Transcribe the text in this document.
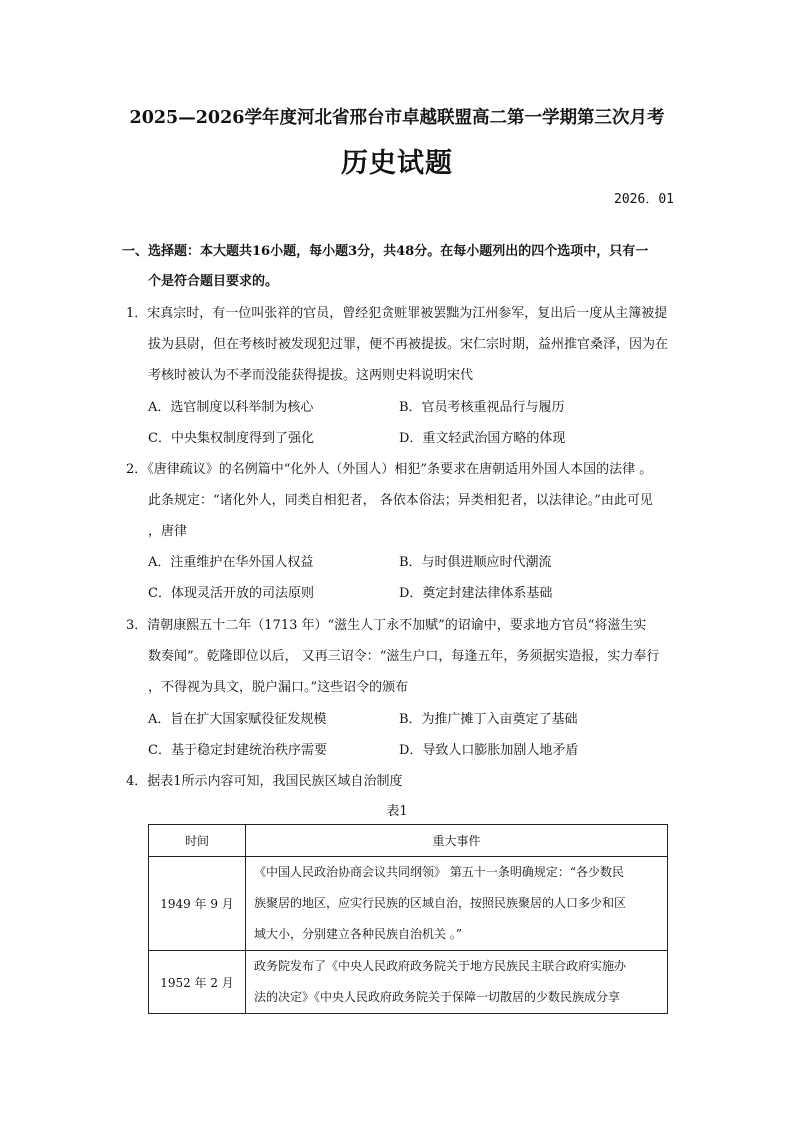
2025—2026学年度河北省邢台市卓越联盟高二第一学期第三次月考
历史试题
2026．01
一、选择题：本大题共16小题，每小题3分，共48分。在每小题列出的四个选项中，只有一
个是符合题目要求的。
1．宋真宗时，有一位叫张祥的官员，曾经犯贪赃罪被罢黜为江州参军，复出后一度从主簿被提
拔为县尉，但在考核时被发现犯过罪，便不再被提拔。宋仁宗时期，益州推官桑泽，因为在
考核时被认为不孝而没能获得提拔。这两则史料说明宋代
A．选官制度以科举制为核心	B．官员考核重视品行与履历
C．中央集权制度得到了强化	D．重文轻武治国方略的体现
2．《唐律疏议》的名例篇中“化外人（外国人）相犯”条要求在唐朝适用外国人本国的法律 。
此条规定：“诸化外人，同类自相犯者， 各依本俗法；异类相犯者，以法律论。”由此可见
，唐律
A．注重维护在华外国人权益	B．与时俱进顺应时代潮流
C．体现灵活开放的司法原则	D．奠定封建法律体系基础
3．清朝康熙五十二年（1713 年）“滋生人丁永不加赋”的诏谕中，要求地方官员“将滋生实
数奏闻”。乾隆即位以后， 又再三诏令：“滋生户口，每逢五年，务须据实造报，实力奉行
，不得视为具文，脱户漏口。”这些诏令的颁布
A．旨在扩大国家赋役征发规模	B．为推广摊丁入亩奠定了基础
C．基于稳定封建统治秩序需要	D．导致人口膨胀加剧人地矛盾
4．据表1所示内容可知，我国民族区域自治制度
表1
时间	重大事件
1949 年 9 月	《中国人民政治协商会议共同纲领》 第五十一条明确规定：“各少数民
族聚居的地区，应实行民族的区域自治，按照民族聚居的人口多少和区
域大小，分别建立各种民族自治机关 。”

1952 年 2 月	政务院发布了《中央人民政府政务院关于地方民族民主联合政府实施办
法的决定》《中央人民政府政务院关于保障一切散居的少数民族成分享
